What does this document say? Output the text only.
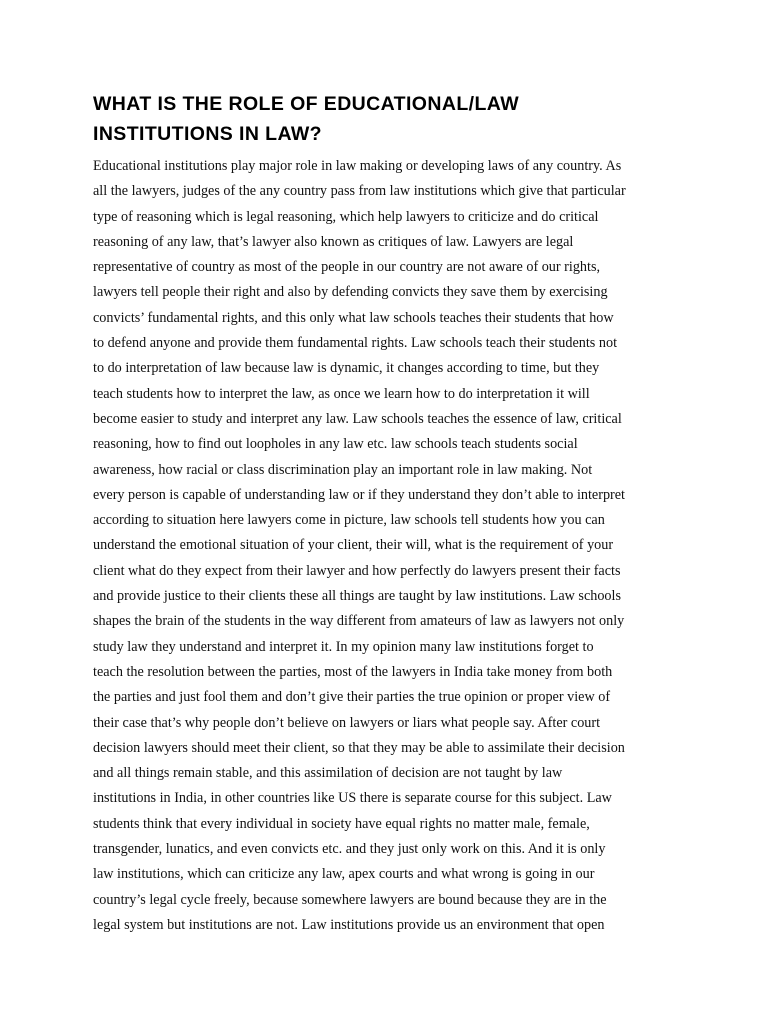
WHAT IS THE ROLE OF EDUCATIONAL/LAW
INSTITUTIONS IN LAW?
Educational institutions play major role in law making or developing laws of any country. As
all the lawyers, judges of the any country pass from law institutions which give that particular
type of reasoning which is legal reasoning, which help lawyers to criticize and do critical
reasoning of any law, that’s lawyer also known as critiques of law. Lawyers are legal
representative of country as most of the people in our country are not aware of our rights,
lawyers tell people their right and also by defending convicts they save them by exercising
convicts’ fundamental rights, and this only what law schools teaches their students that how
to defend anyone and provide them fundamental rights. Law schools teach their students not
to do interpretation of law because law is dynamic, it changes according to time, but they
teach students how to interpret the law, as once we learn how to do interpretation it will
become easier to study and interpret any law. Law schools teaches the essence of law, critical
reasoning, how to find out loopholes in any law etc. law schools teach students social
awareness, how racial or class discrimination play an important role in law making. Not
every person is capable of understanding law or if they understand they don’t able to interpret
according to situation here lawyers come in picture, law schools tell students how you can
understand the emotional situation of your client, their will, what is the requirement of your
client what do they expect from their lawyer and how perfectly do lawyers present their facts
and provide justice to their clients these all things are taught by law institutions. Law schools
shapes the brain of the students in the way different from amateurs of law as lawyers not only
study law they understand and interpret it. In my opinion many law institutions forget to
teach the resolution between the parties, most of the lawyers in India take money from both
the parties and just fool them and don’t give their parties the true opinion or proper view of
their case that’s why people don’t believe on lawyers or liars what people say. After court
decision lawyers should meet their client, so that they may be able to assimilate their decision
and all things remain stable, and this assimilation of decision are not taught by law
institutions in India, in other countries like US there is separate course for this subject. Law
students think that every individual in society have equal rights no matter male, female,
transgender, lunatics, and even convicts etc. and they just only work on this. And it is only
law institutions, which can criticize any law, apex courts and what wrong is going in our
country’s legal cycle freely, because somewhere lawyers are bound because they are in the
legal system but institutions are not. Law institutions provide us an environment that open
